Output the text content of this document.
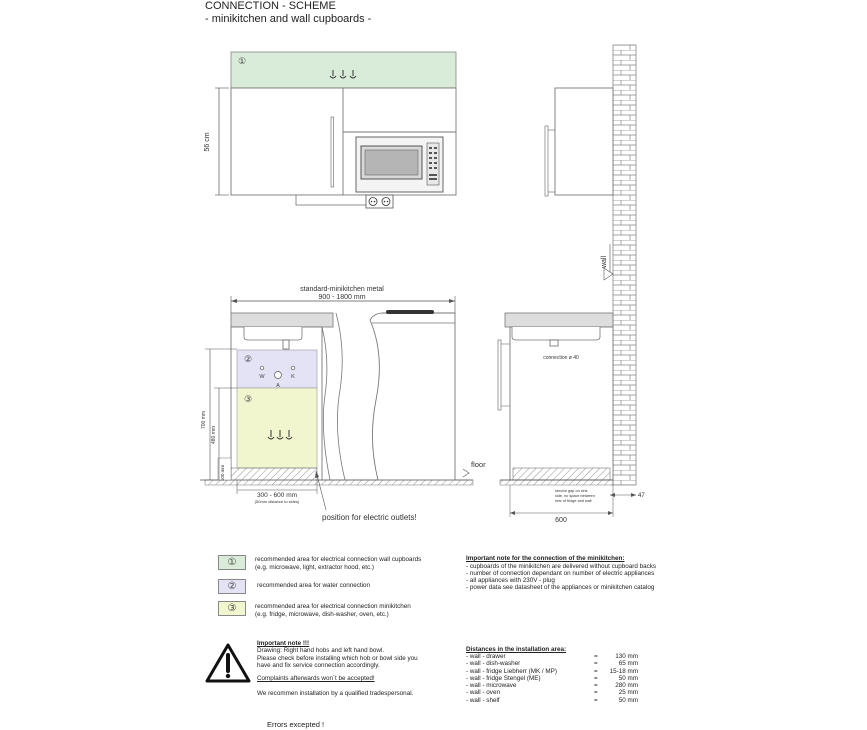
CONNECTION - SCHEME
- minikitchen and wall cupboards -
56 cm
wall
standard-minikitchen metal
900 - 1800 mm
floor
②
③
①
W	K
A
700 mm
480 mm
100 mm
300 - 600 mm
(50mm distance to sides)
position for electric outlets!
connection ø 40
47
service gap on sink
side, no space between
rear of fridge and wall
600
①	recommended area for electrical connection wall cupboards
(e.g. microwave, light, extractor hood, etc.)
②	recommended area for water connection
③	recommended area for electrical connection minikitchen
(e.g. fridge, microwave, dish-washer, oven, etc.)
Important note for the connection of the minikitchen:
- cupboards of the minikitchen are delivered without cupboard backs
- number of connection dependant on number of electric appliances
- all appliances with 230V - plug
- power data see datasheet of the appliances or minikitchen catalog
Important note !!!
Drawing: Right hand hobs and left hand bowl.
Please check before installing which hob or bowl side you
have and fix service connection accordingly.
Complaints afterwards won´t be accepted!
We recommen installation by a qualified tradespersonal.
Distances in the installation area:
- wall - drawer	=	130 mm
- wall - dish-washer	=	65 mm
- wall - fridge Liebherr (MK / MP)	=	15-18 mm
- wall - fridge Stengel (ME)	=	50 mm
- wall - microwave	=	280 mm
- wall - oven	=	25 mm
- wall - shelf	=	50 mm
Errors excepted !
